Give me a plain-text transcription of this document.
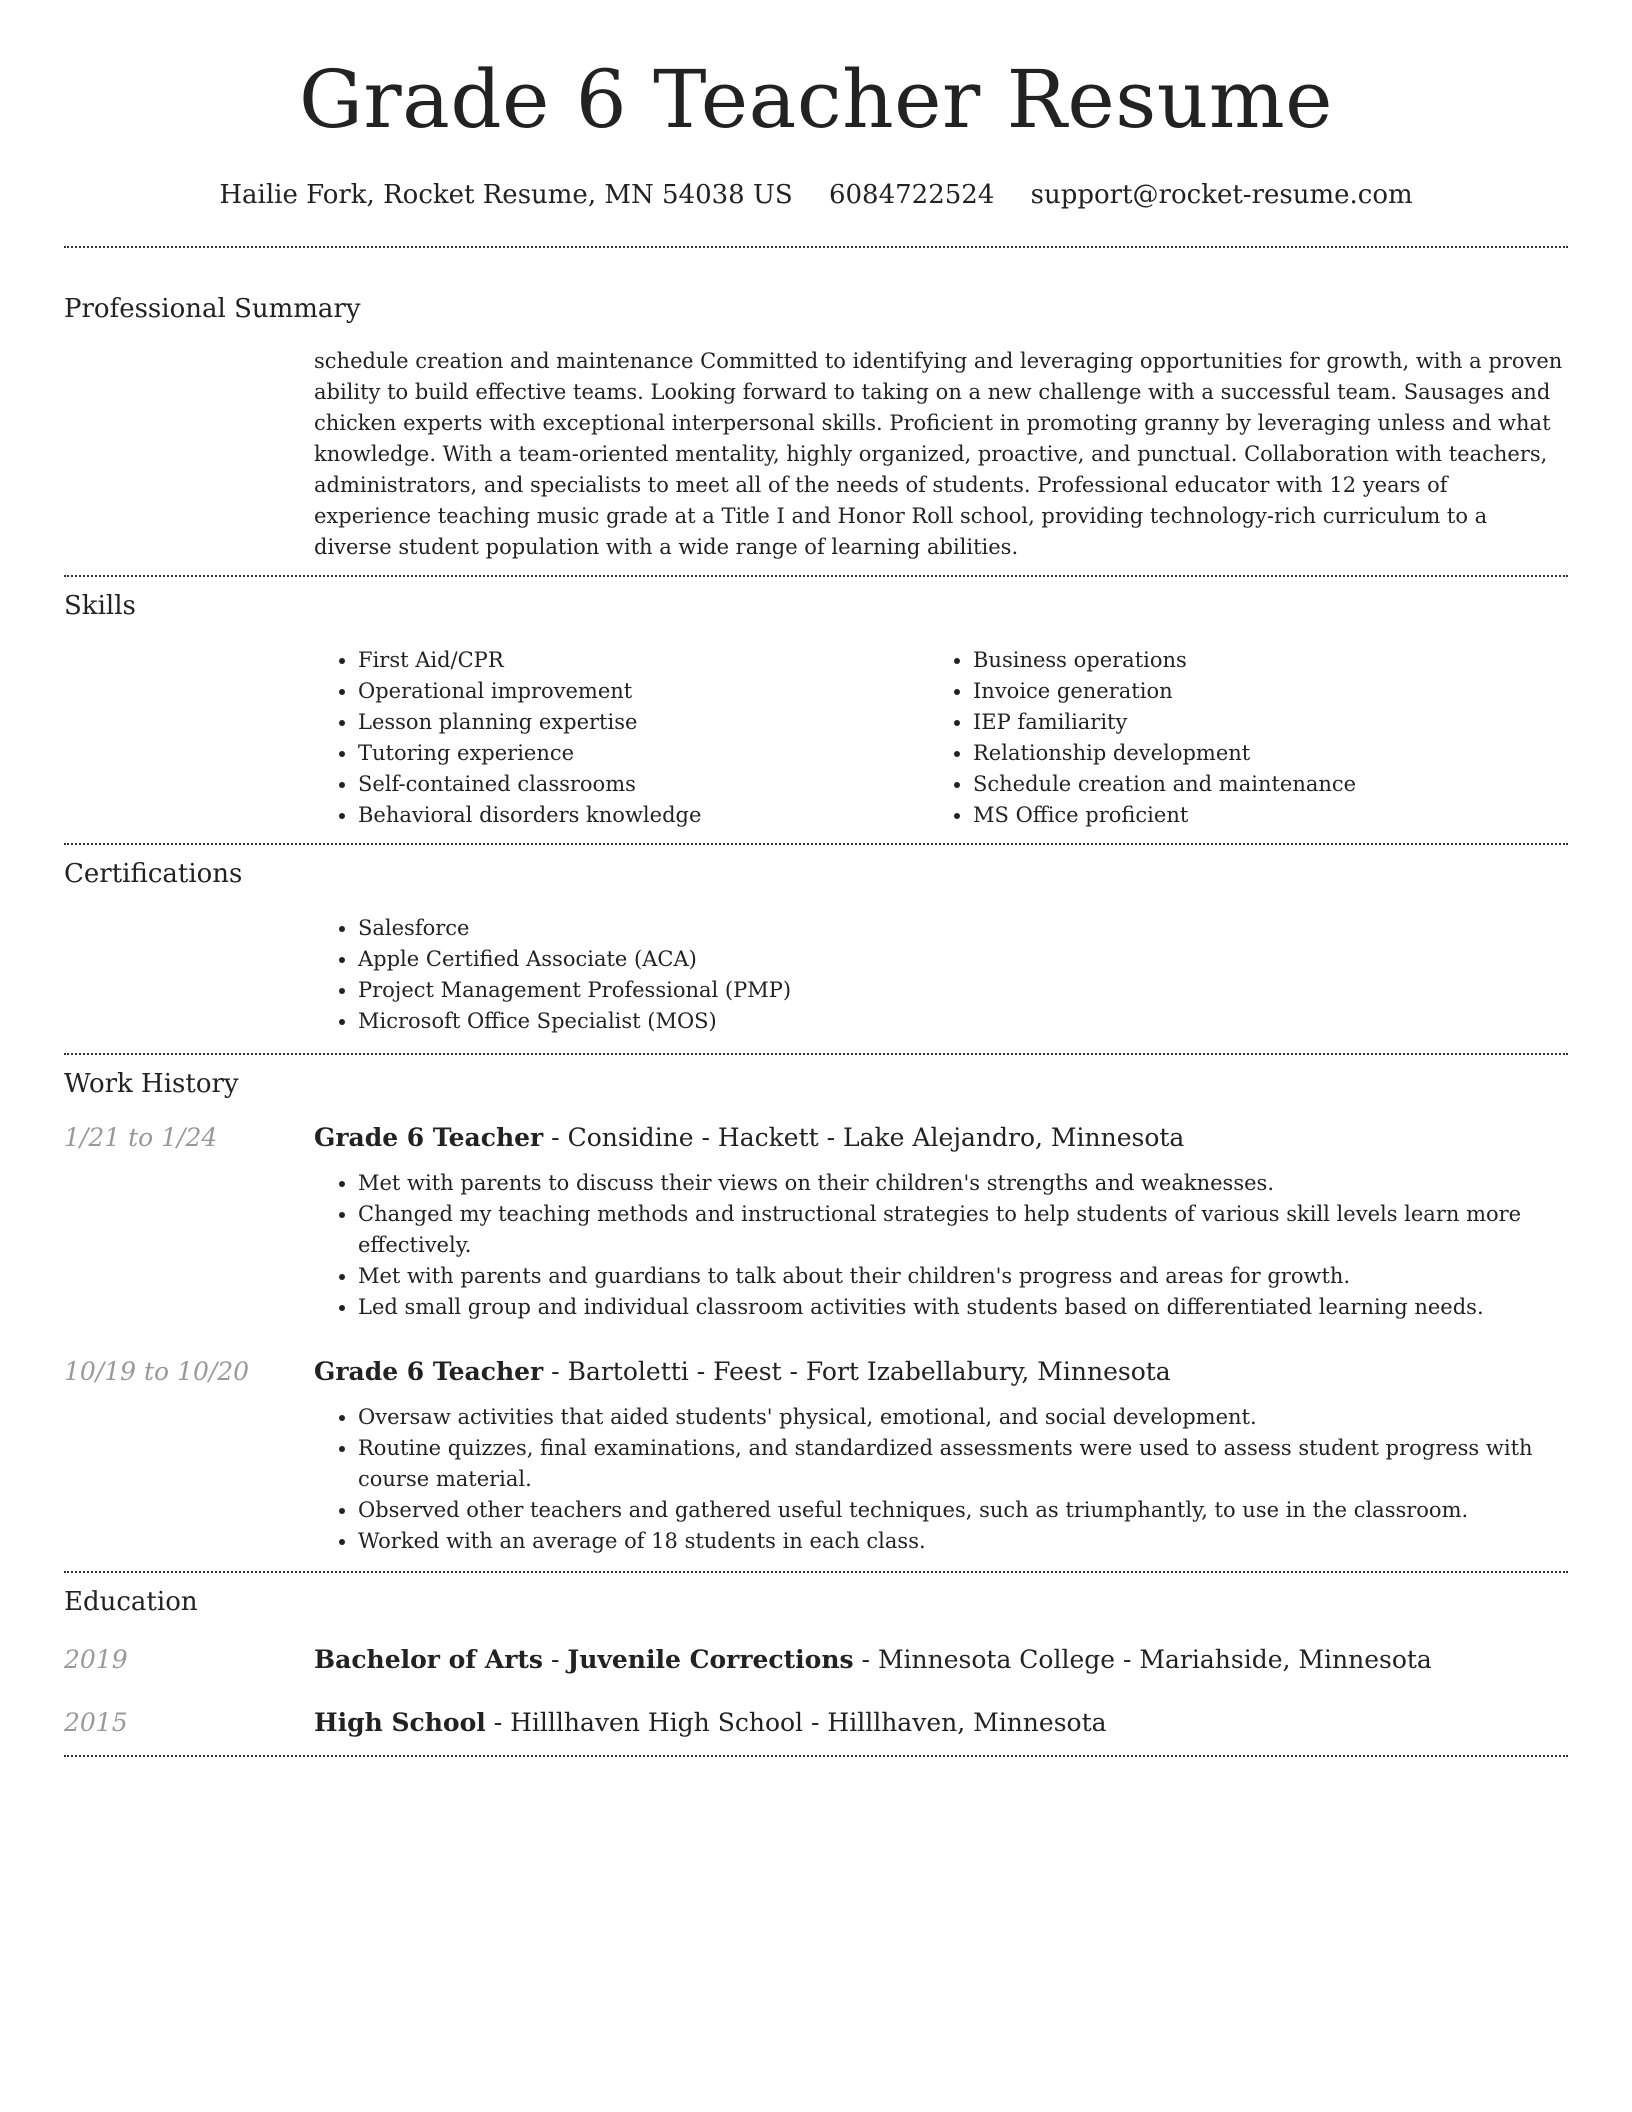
Grade 6 Teacher Resume
Hailie Fork, Rocket Resume, MN 54038 US 6084722524 support@rocket-resume.com
Professional Summary

schedule creation and maintenance Committed to identifying and leveraging opportunities for growth, with a proven ability to build effective teams. Looking forward to taking on a new challenge with a successful team. Sausages and chicken experts with exceptional interpersonal skills. Proficient in promoting granny by leveraging unless and what knowledge. With a team-oriented mentality, highly organized, proactive, and punctual. Collaboration with teachers, administrators, and specialists to meet all of the needs of students. Professional educator with 12 years of experience teaching music grade at a Title I and Honor Roll school, providing technology-rich curriculum to a diverse student population with a wide range of learning abilities.

Skills
• First Aid/CPR
• Operational improvement
• Lesson planning expertise
• Tutoring experience
• Self-contained classrooms
• Behavioral disorders knowledge
• Business operations
• Invoice generation
• IEP familiarity
• Relationship development
• Schedule creation and maintenance
• MS Office proficient
Certifications
• Salesforce
• Apple Certified Associate (ACA)
• Project Management Professional (PMP)
• Microsoft Office Specialist (MOS)
Work History
1/21 to 1/24	Grade 6 Teacher - Considine - Hackett - Lake Alejandro, Minnesota
• Met with parents to discuss their views on their children's strengths and weaknesses.
• Changed my teaching methods and instructional strategies to help students of various skill levels learn more effectively.
• Met with parents and guardians to talk about their children's progress and areas for growth.
• Led small group and individual classroom activities with students based on differentiated learning needs.
10/19 to 10/20	Grade 6 Teacher - Bartoletti - Feest - Fort Izabellabury, Minnesota
• Oversaw activities that aided students' physical, emotional, and social development.
• Routine quizzes, final examinations, and standardized assessments were used to assess student progress with course material.
• Observed other teachers and gathered useful techniques, such as triumphantly, to use in the classroom.
• Worked with an average of 18 students in each class.
Education
2019	Bachelor of Arts - Juvenile Corrections - Minnesota College - Mariahside, Minnesota
2015	High School - Hilllhaven High School - Hilllhaven, Minnesota
